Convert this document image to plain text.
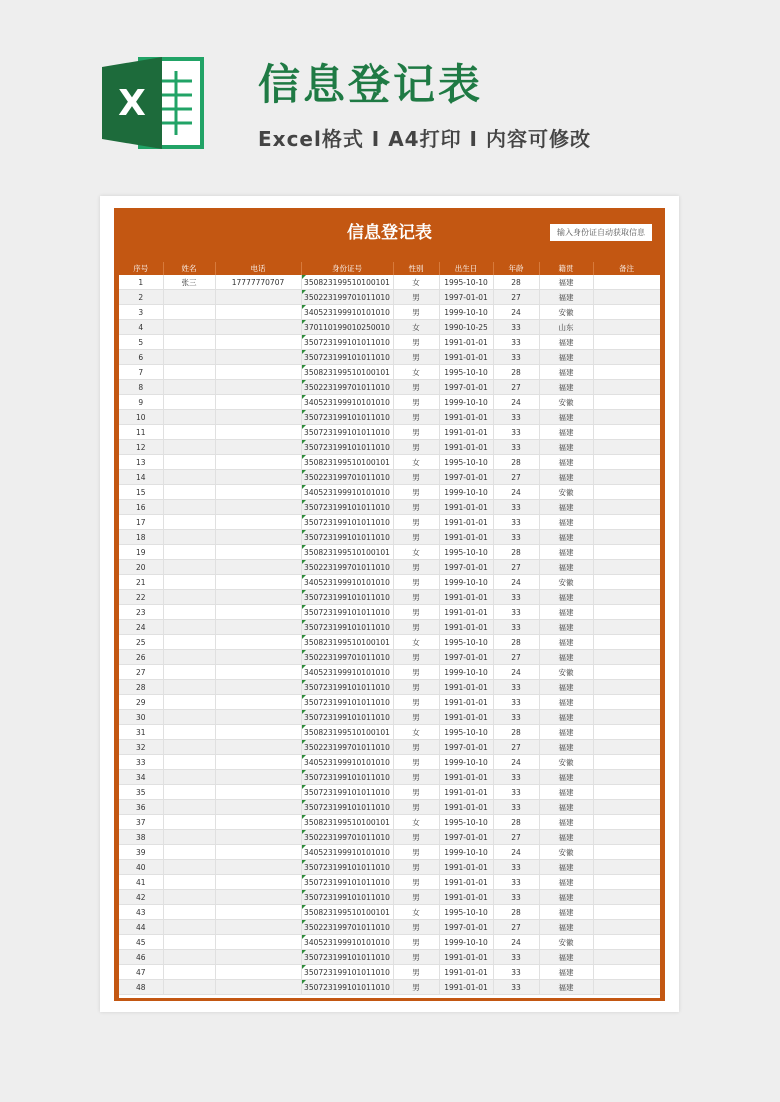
X	信息登记表
Excel格式 I A4打印 I 内容可修改
信息登记表
输入身份证自动获取信息
序号	姓名	电话	身份证号	性别	出生日	年龄	籍贯	备注
1	张三	17777770707	350823199510100101	女	1995-10-10	28	福建	
2			350223199701011010	男	1997-01-01	27	福建	
3			340523199910101010	男	1999-10-10	24	安徽	
4			370110199010250010	女	1990-10-25	33	山东	
5			350723199101011010	男	1991-01-01	33	福建	
6			350723199101011010	男	1991-01-01	33	福建	
7			350823199510100101	女	1995-10-10	28	福建	
8			350223199701011010	男	1997-01-01	27	福建	
9			340523199910101010	男	1999-10-10	24	安徽	
10			350723199101011010	男	1991-01-01	33	福建	
11			350723199101011010	男	1991-01-01	33	福建	
12			350723199101011010	男	1991-01-01	33	福建	
13			350823199510100101	女	1995-10-10	28	福建	
14			350223199701011010	男	1997-01-01	27	福建	
15			340523199910101010	男	1999-10-10	24	安徽	
16			350723199101011010	男	1991-01-01	33	福建	
17			350723199101011010	男	1991-01-01	33	福建	
18			350723199101011010	男	1991-01-01	33	福建	
19			350823199510100101	女	1995-10-10	28	福建	
20			350223199701011010	男	1997-01-01	27	福建	
21			340523199910101010	男	1999-10-10	24	安徽	
22			350723199101011010	男	1991-01-01	33	福建	
23			350723199101011010	男	1991-01-01	33	福建	
24			350723199101011010	男	1991-01-01	33	福建	
25			350823199510100101	女	1995-10-10	28	福建	
26			350223199701011010	男	1997-01-01	27	福建	
27			340523199910101010	男	1999-10-10	24	安徽	
28			350723199101011010	男	1991-01-01	33	福建	
29			350723199101011010	男	1991-01-01	33	福建	
30			350723199101011010	男	1991-01-01	33	福建	
31			350823199510100101	女	1995-10-10	28	福建	
32			350223199701011010	男	1997-01-01	27	福建	
33			340523199910101010	男	1999-10-10	24	安徽	
34			350723199101011010	男	1991-01-01	33	福建	
35			350723199101011010	男	1991-01-01	33	福建	
36			350723199101011010	男	1991-01-01	33	福建	
37			350823199510100101	女	1995-10-10	28	福建	
38			350223199701011010	男	1997-01-01	27	福建	
39			340523199910101010	男	1999-10-10	24	安徽	
40			350723199101011010	男	1991-01-01	33	福建	
41			350723199101011010	男	1991-01-01	33	福建	
42			350723199101011010	男	1991-01-01	33	福建	
43			350823199510100101	女	1995-10-10	28	福建	
44			350223199701011010	男	1997-01-01	27	福建	
45			340523199910101010	男	1999-10-10	24	安徽	
46			350723199101011010	男	1991-01-01	33	福建	
47			350723199101011010	男	1991-01-01	33	福建	
48			350723199101011010	男	1991-01-01	33	福建	
